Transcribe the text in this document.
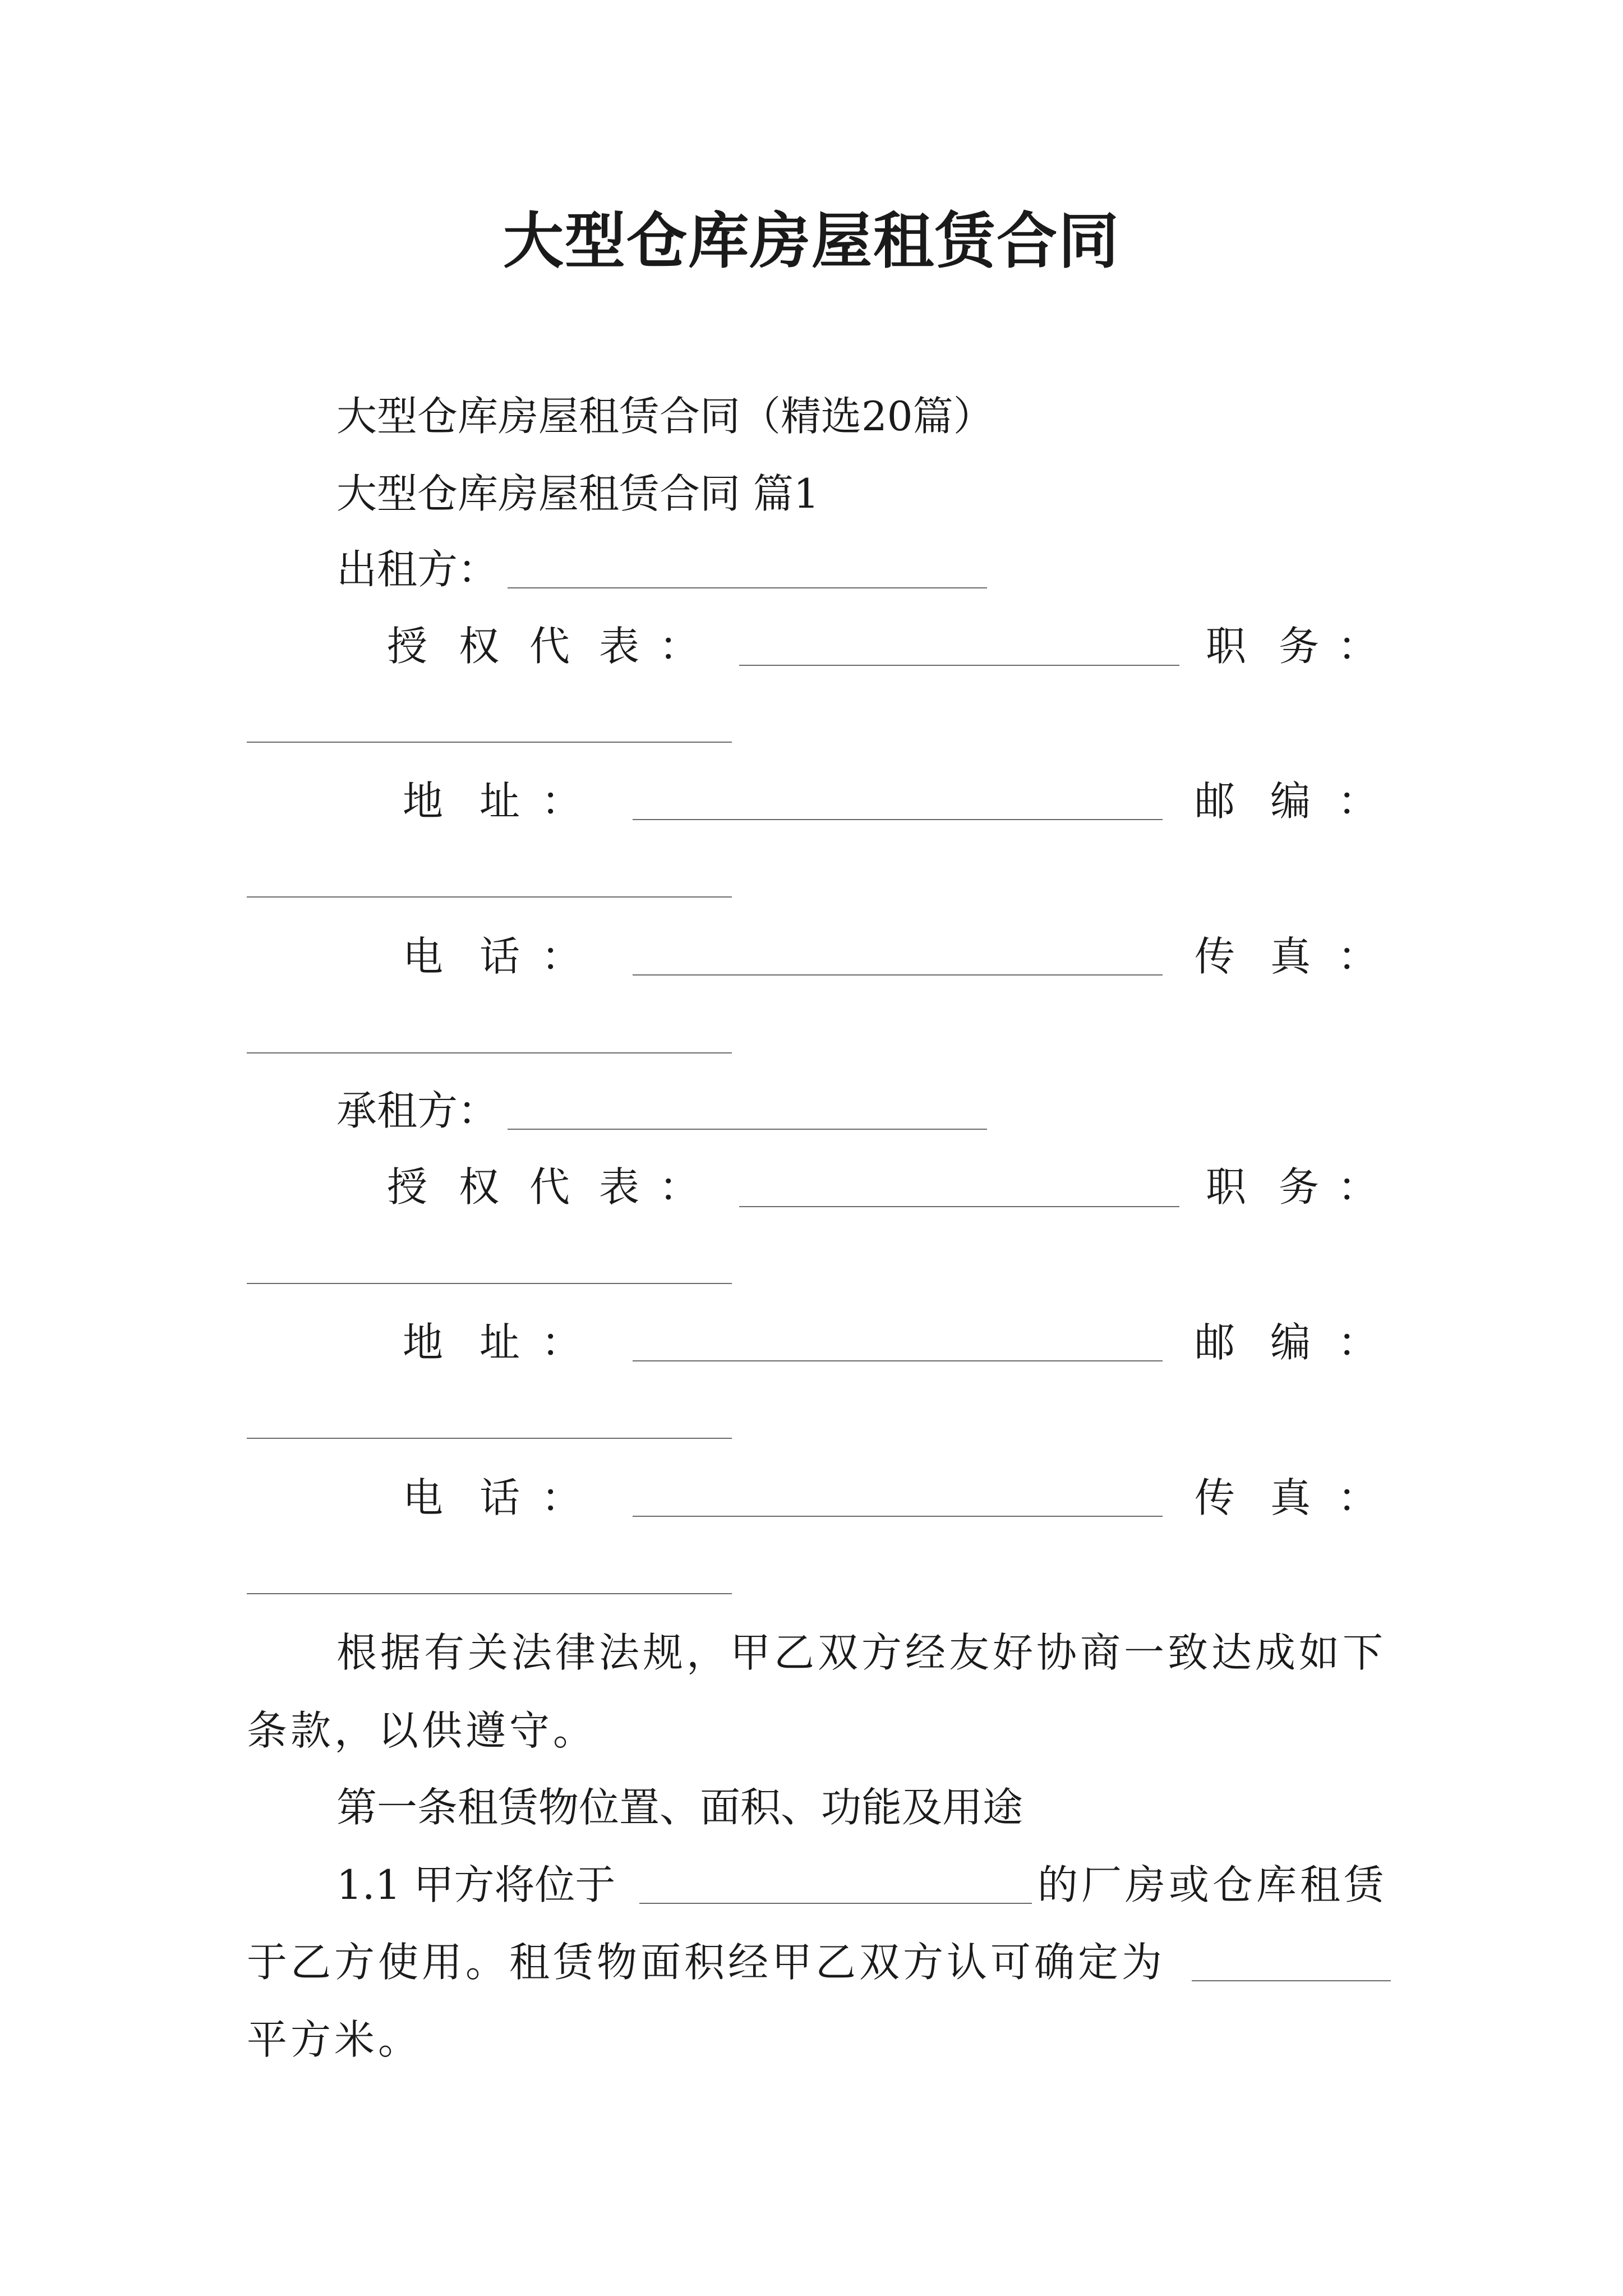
大型仓库房屋租赁合同
大型仓库房屋租赁合同（精选20篇）
大型仓库房屋租赁合同 篇1
出租方：
授 权 代 表 ：	职 务 ：
地 址 ：	邮 编 ：
电 话 ：	传 真 ：
承租方：
授 权 代 表 ：	职 务 ：
地 址 ：	邮 编 ：
电 话 ：	传 真 ：
根据有关法律法规，甲乙双方经友好协商一致达成如下
条款，以供遵守。
第一条租赁物位置、面积、功能及用途
1.1 甲方将位于	的厂房或仓库租赁
于乙方使用。租赁物面积经甲乙双方认可确定为
平方米。
